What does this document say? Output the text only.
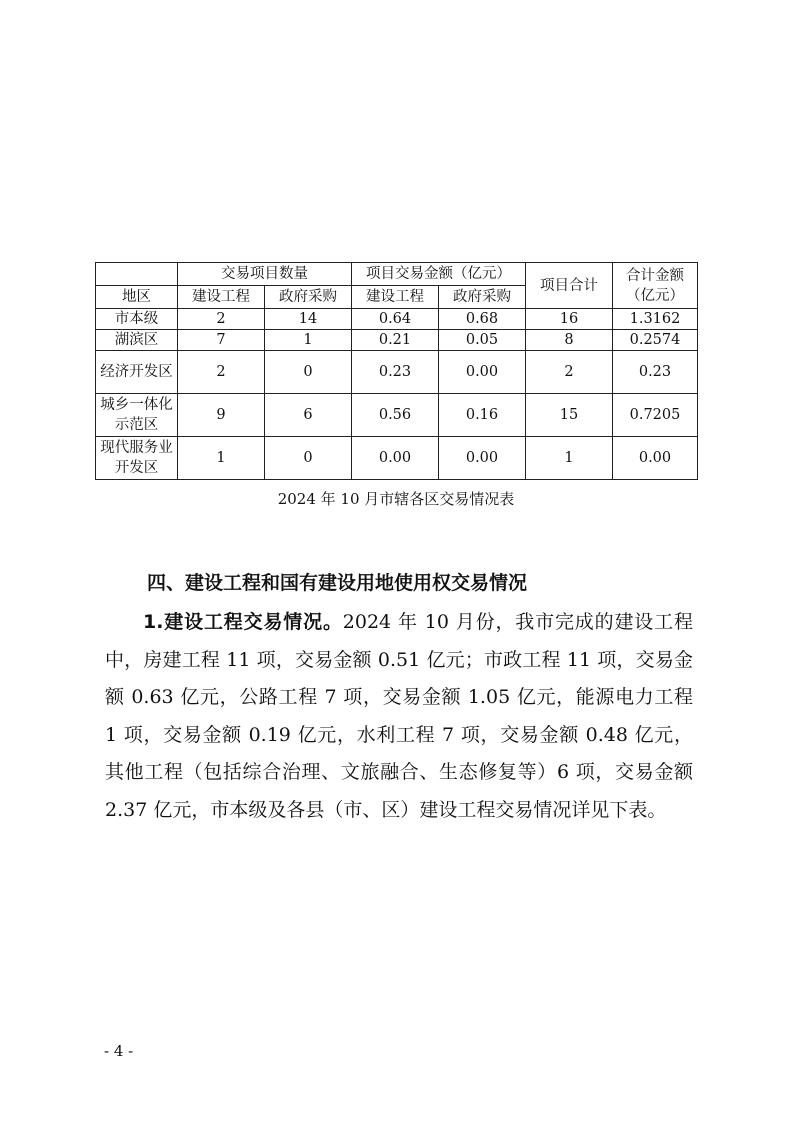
	交易项目数量		项目交易金额（亿元）		项目合计	合计金额（亿元）
地区	建设工程	政府采购	建设工程	政府采购		
市本级	2	14	0.64	0.68	16	1.3162
湖滨区	7	1	0.21	0.05	8	0.2574
经济开发区	2	0	0.23	0.00	2	0.23
城乡一体化示范区	9	6	0.56	0.16	15	0.7205
现代服务业开发区	1	0	0.00	0.00	1	0.00
2024 年 10 月市辖各区交易情况表
四、建设工程和国有建设用地使用权交易情况
1.建设工程交易情况。2024 年 10 月份，我市完成的建设工程中，房建工程 11 项，交易金额 0.51 亿元；市政工程 11 项，交易金额 0.63 亿元，公路工程 7 项，交易金额 1.05 亿元，能源电力工程 1 项，交易金额 0.19 亿元，水利工程 7 项，交易金额 0.48 亿元，其他工程（包括综合治理、文旅融合、生态修复等）6 项，交易金额 2.37 亿元，市本级及各县（市、区）建设工程交易情况详见下表。
- 4 -
